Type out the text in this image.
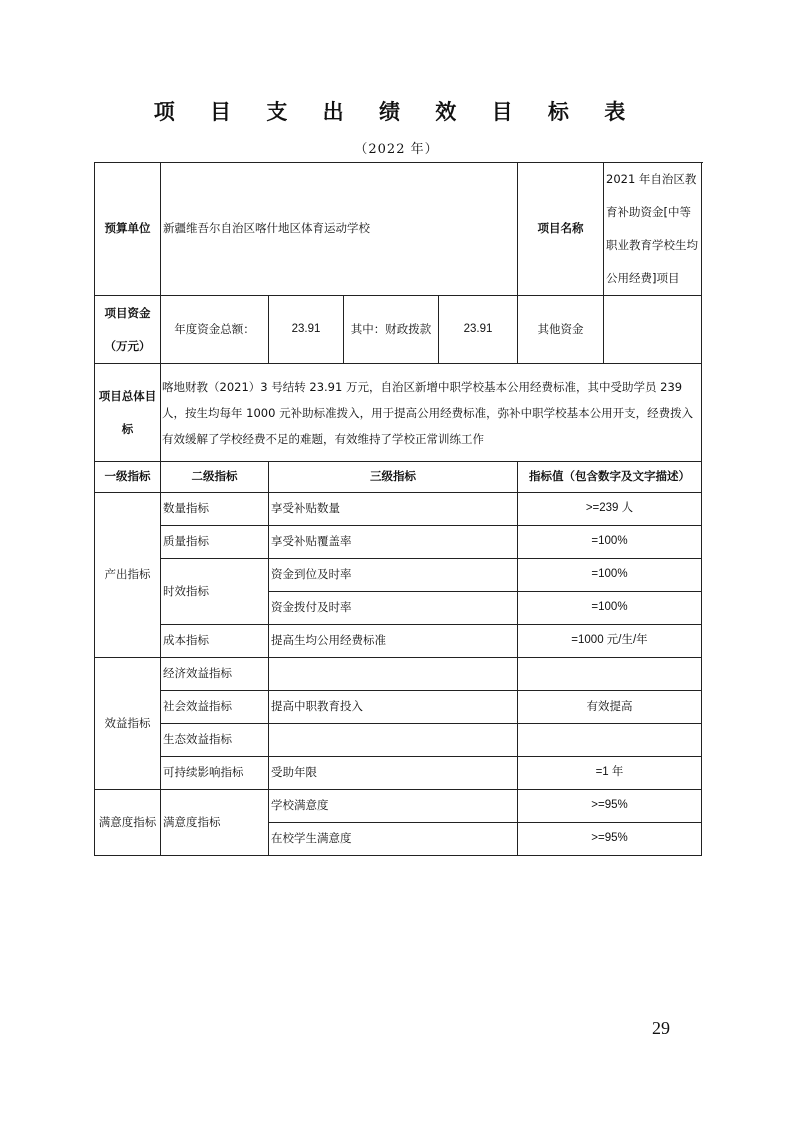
项 目 支 出 绩 效 目 标 表
（2022 年）
预算单位	新疆维吾尔自治区喀什地区体育运动学校				项目名称	2021 年自治区教育补助资金[中等职业教育学校生均公用经费]项目
项目资金（万元）	年度资金总额：	23.91	其中：财政拨款	23.91	其他资金	
项目总体目标	喀地财教（2021）3 号结转 23.91 万元，自治区新增中职学校基本公用经费标准，其中受助学员 239 人，按生均每年 1000 元补助标准拨入，用于提高公用经费标准，弥补中职学校基本公用开支，经费拨入有效缓解了学校经费不足的难题，有效维持了学校正常训练工作					
一级指标	二级指标	三级指标			指标值（包含数字及文字描述）	
产出指标	数量指标	享受补贴数量			>=239 人	
	质量指标	享受补贴覆盖率			=100%	
	时效指标	资金到位及时率			=100%	
		资金拨付及时率			=100%	
	成本指标	提高生均公用经费标准			=1000 元/生/年	
效益指标	经济效益指标					
	社会效益指标	提高中职教育投入			有效提高	
	生态效益指标					
	可持续影响指标	受助年限			=1 年	
满意度指标	满意度指标	学校满意度			>=95%	
		在校学生满意度			>=95%	
29
